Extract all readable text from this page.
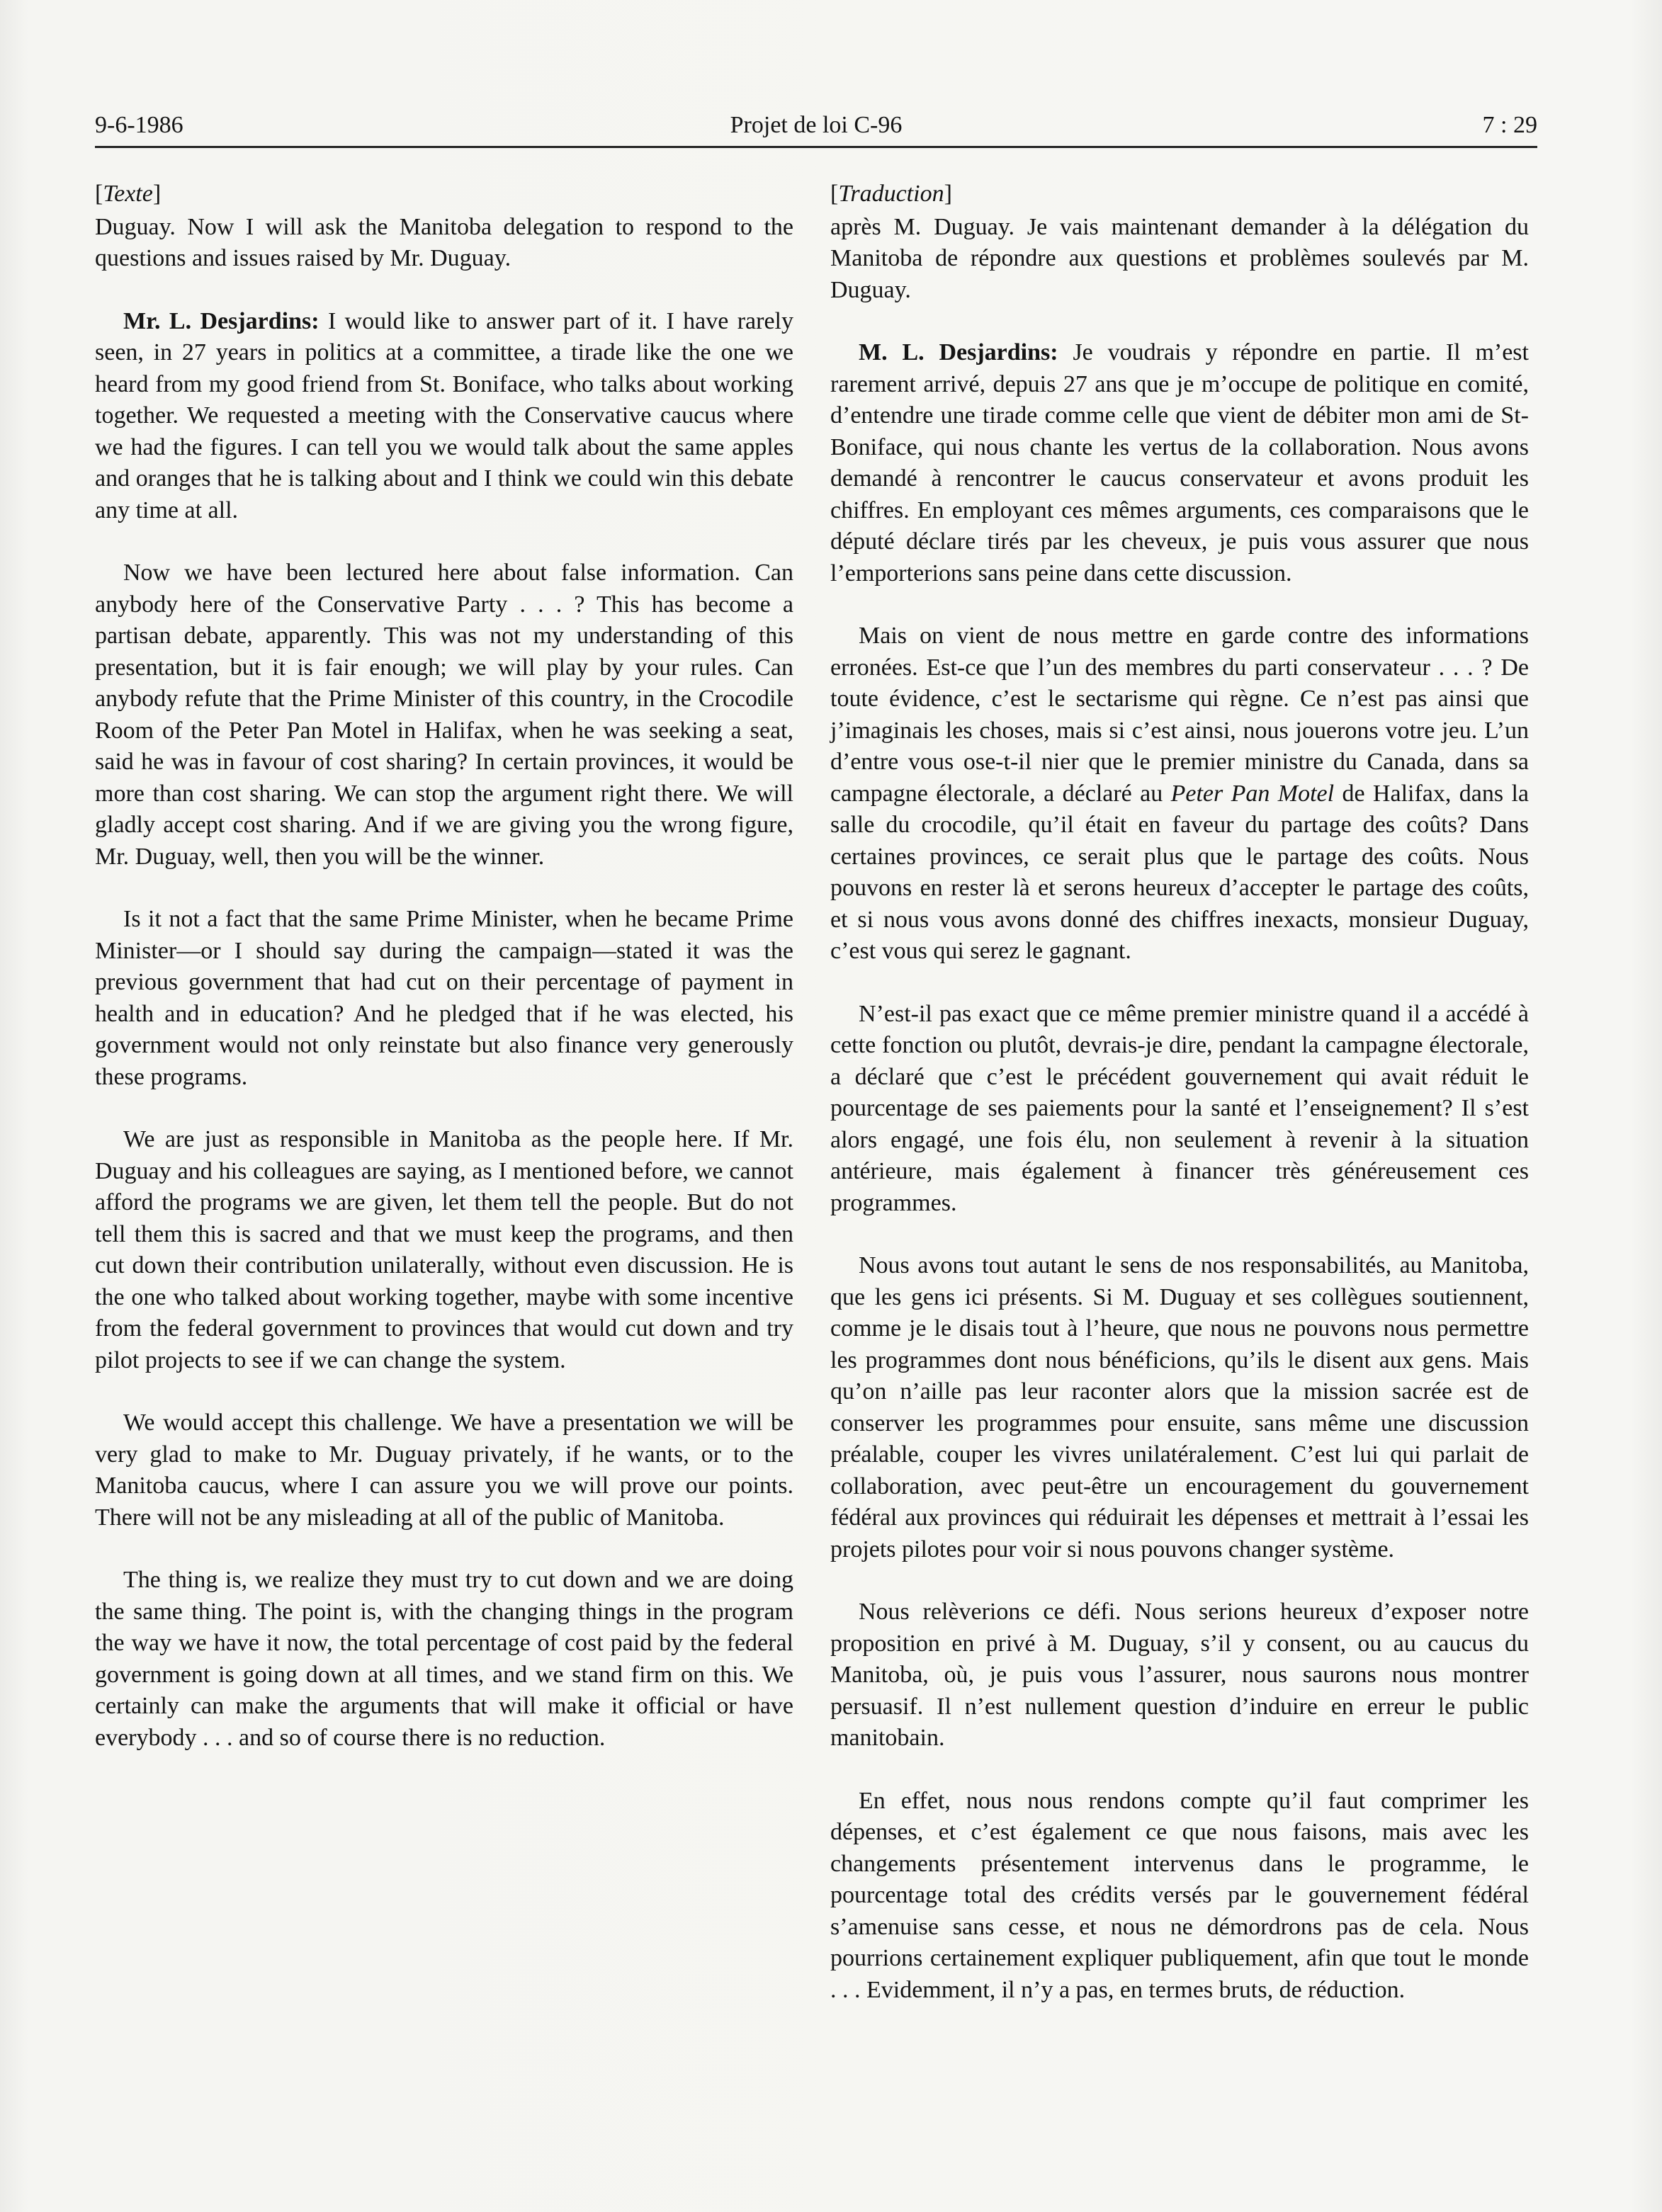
9-6-1986	Projet de loi C-96	7 : 29
[Texte]

Duguay. Now I will ask the Manitoba delegation to respond to the questions and issues raised by Mr. Duguay.

Mr. L. Desjardins: I would like to answer part of it. I have rarely seen, in 27 years in politics at a committee, a tirade like the one we heard from my good friend from St. Boniface, who talks about working together. We requested a meeting with the Conservative caucus where we had the figures. I can tell you we would talk about the same apples and oranges that he is talking about and I think we could win this debate any time at all.

Now we have been lectured here about false information. Can anybody here of the Conservative Party . . . ? This has become a partisan debate, apparently. This was not my understanding of this presentation, but it is fair enough; we will play by your rules. Can anybody refute that the Prime Minister of this country, in the Crocodile Room of the Peter Pan Motel in Halifax, when he was seeking a seat, said he was in favour of cost sharing? In certain provinces, it would be more than cost sharing. We can stop the argument right there. We will gladly accept cost sharing. And if we are giving you the wrong figure, Mr. Duguay, well, then you will be the winner.

Is it not a fact that the same Prime Minister, when he became Prime Minister—or I should say during the campaign—stated it was the previous government that had cut on their percentage of payment in health and in education? And he pledged that if he was elected, his government would not only reinstate but also finance very generously these programs.

We are just as responsible in Manitoba as the people here. If Mr. Duguay and his colleagues are saying, as I mentioned before, we cannot afford the programs we are given, let them tell the people. But do not tell them this is sacred and that we must keep the programs, and then cut down their contribution unilaterally, without even discussion. He is the one who talked about working together, maybe with some incentive from the federal government to provinces that would cut down and try pilot projects to see if we can change the system.

We would accept this challenge. We have a presentation we will be very glad to make to Mr. Duguay privately, if he wants, or to the Manitoba caucus, where I can assure you we will prove our points. There will not be any misleading at all of the public of Manitoba.

The thing is, we realize they must try to cut down and we are doing the same thing. The point is, with the changing things in the program the way we have it now, the total percentage of cost paid by the federal government is going down at all times, and we stand firm on this. We certainly can make the arguments that will make it official or have everybody . . . and so of course there is no reduction.

[Traduction]

après M. Duguay. Je vais maintenant demander à la délégation du Manitoba de répondre aux questions et problèmes soulevés par M. Duguay.

M. L. Desjardins: Je voudrais y répondre en partie. Il m’est rarement arrivé, depuis 27 ans que je m’occupe de politique en comité, d’entendre une tirade comme celle que vient de débiter mon ami de St-Boniface, qui nous chante les vertus de la collaboration. Nous avons demandé à rencontrer le caucus conservateur et avons produit les chiffres. En employant ces mêmes arguments, ces comparaisons que le député déclare tirés par les cheveux, je puis vous assurer que nous l’emporterions sans peine dans cette discussion.

Mais on vient de nous mettre en garde contre des informations erronées. Est-ce que l’un des membres du parti conservateur . . . ? De toute évidence, c’est le sectarisme qui règne. Ce n’est pas ainsi que j’imaginais les choses, mais si c’est ainsi, nous jouerons votre jeu. L’un d’entre vous ose-t-il nier que le premier ministre du Canada, dans sa campagne électorale, a déclaré au Peter Pan Motel de Halifax, dans la salle du crocodile, qu’il était en faveur du partage des coûts? Dans certaines provinces, ce serait plus que le partage des coûts. Nous pouvons en rester là et serons heureux d’accepter le partage des coûts, et si nous vous avons donné des chiffres inexacts, monsieur Duguay, c’est vous qui serez le gagnant.

N’est-il pas exact que ce même premier ministre quand il a accédé à cette fonction ou plutôt, devrais-je dire, pendant la campagne électorale, a déclaré que c’est le précédent gouvernement qui avait réduit le pourcentage de ses paiements pour la santé et l’enseignement? Il s’est alors engagé, une fois élu, non seulement à revenir à la situation antérieure, mais également à financer très généreusement ces programmes.

Nous avons tout autant le sens de nos responsabilités, au Manitoba, que les gens ici présents. Si M. Duguay et ses collègues soutiennent, comme je le disais tout à l’heure, que nous ne pouvons nous permettre les programmes dont nous bénéficions, qu’ils le disent aux gens. Mais qu’on n’aille pas leur raconter alors que la mission sacrée est de conserver les programmes pour ensuite, sans même une discussion préalable, couper les vivres unilatéralement. C’est lui qui parlait de collaboration, avec peut-être un encouragement du gouvernement fédéral aux provinces qui réduirait les dépenses et mettrait à l’essai les projets pilotes pour voir si nous pouvons changer système.

Nous relèverions ce défi. Nous serions heureux d’exposer notre proposition en privé à M. Duguay, s’il y consent, ou au caucus du Manitoba, où, je puis vous l’assurer, nous saurons nous montrer persuasif. Il n’est nullement question d’induire en erreur le public manitobain.

En effet, nous nous rendons compte qu’il faut comprimer les dépenses, et c’est également ce que nous faisons, mais avec les changements présentement intervenus dans le programme, le pourcentage total des crédits versés par le gouvernement fédéral s’amenuise sans cesse, et nous ne démordrons pas de cela. Nous pourrions certainement expliquer publiquement, afin que tout le monde . . . Evidemment, il n’y a pas, en termes bruts, de réduction.
